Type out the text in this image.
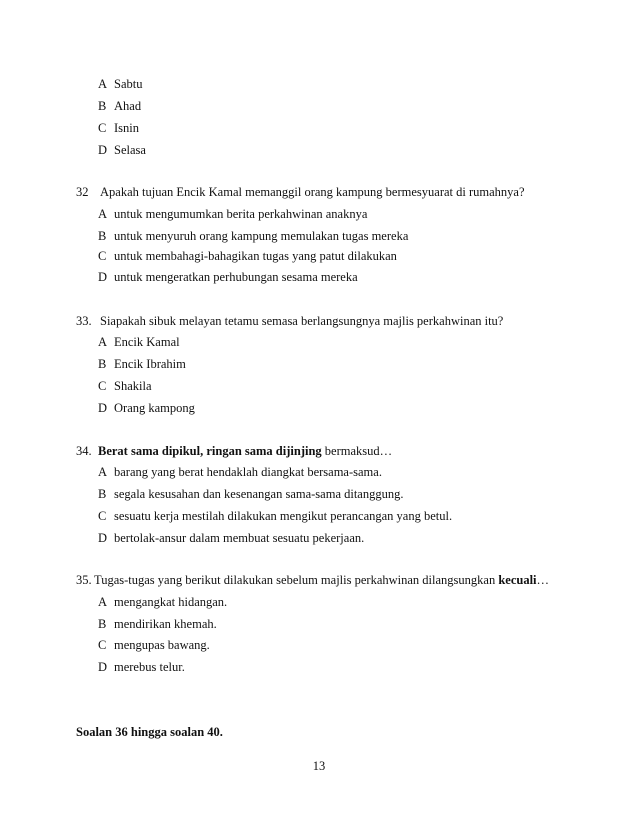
A Sabtu
B Ahad
C Isnin
D Selasa
32 Apakah tujuan Encik Kamal memanggil orang kampung bermesyuarat di rumahnya?
A untuk mengumumkan berita perkahwinan anaknya
B untuk menyuruh orang kampung memulakan tugas mereka
C untuk membahagi-bahagikan tugas yang patut dilakukan
D untuk mengeratkan perhubungan sesama mereka
33. Siapakah sibuk melayan tetamu semasa berlangsungnya majlis perkahwinan itu?
A Encik Kamal
B Encik Ibrahim
C Shakila
D Orang kampong
34. Berat sama dipikul, ringan sama dijinjing bermaksud…
A barang yang berat hendaklah diangkat bersama-sama.
B segala kesusahan dan kesenangan sama-sama ditanggung.
C sesuatu kerja mestilah dilakukan mengikut perancangan yang betul.
D bertolak-ansur dalam membuat sesuatu pekerjaan.
35. Tugas-tugas yang berikut dilakukan sebelum majlis perkahwinan dilangsungkan kecuali…
A mengangkat hidangan.
B mendirikan khemah.
C mengupas bawang.
D merebus telur.
Soalan 36 hingga soalan 40.
13
